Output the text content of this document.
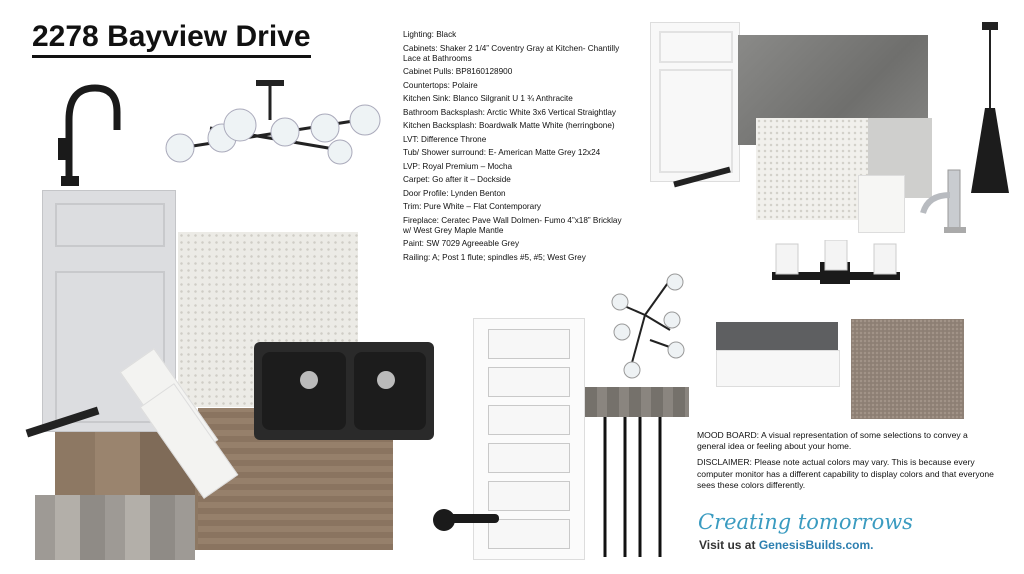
2278 Bayview Drive	Lighting: Black
Cabinets: Shaker 2 1/4” Coventry Gray at Kitchen- Chantilly Lace at Bathrooms
Cabinet Pulls: BP8160128900
Countertops: Polaire
Kitchen Sink: Blanco Silgranit U 1 ¾ Anthracite
Bathroom Backsplash: Arctic White 3x6 Vertical Straightlay
Kitchen Backsplash: Boardwalk Matte White (herringbone)
LVT: Difference Throne
Tub/ Shower surround: E- American Matte Grey 12x24
LVP: Royal Premium – Mocha
Carpet: Go after it – Dockside
Door Profile: Lynden Benton
Trim: Pure White – Flat Contemporary
Fireplace: Ceratec Pave Wall Dolmen- Fumo 4”x18” Bricklay w/ West Grey Maple Mantle
Paint: SW 7029 Agreeable Grey
Railing: A; Post 1 flute; spindles #5, #5; West Grey

MOOD BOARD: A visual representation of some selections to convey a general idea or feeling about your home.

DISCLAIMER: Please note actual colors may vary. This is because every computer monitor has a different capability to display colors and that everyone sees these colors differently.

Creating tomorrows
Visit us at GenesisBuilds.com.
